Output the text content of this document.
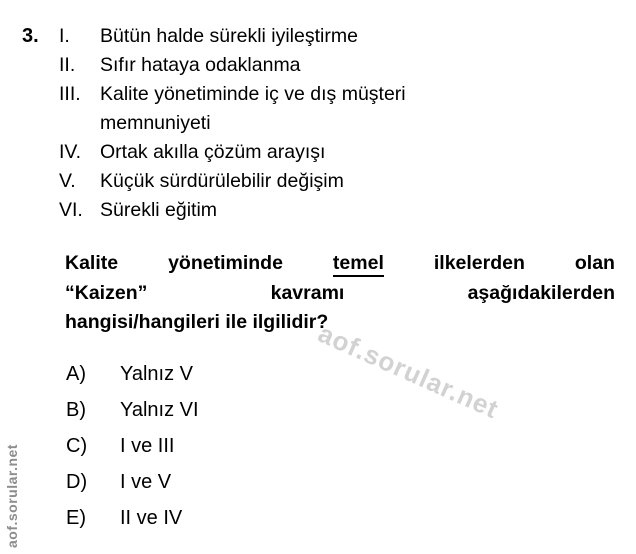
3. I.	Bütün halde sürekli iyileştirme
II.	Sıfır hataya odaklanma
III. Kalite yönetiminde iç ve dış müşteri
memnuniyeti
IV. Ortak akılla çözüm arayışı
V.	Küçük sürdürülebilir değişim
VI. Sürekli eğitim
Kalite yönetiminde	temel	ilkelerden olan
“Kaizen” kavramı aşağıdakilerden
hangisi/hangileri ile ilgilidir?
A)	Yalnız V
B)	Yalnız VI
C)	I ve III
D)	I ve V
E)	II ve IV
aof.sorular.net
aof.sorular.net
